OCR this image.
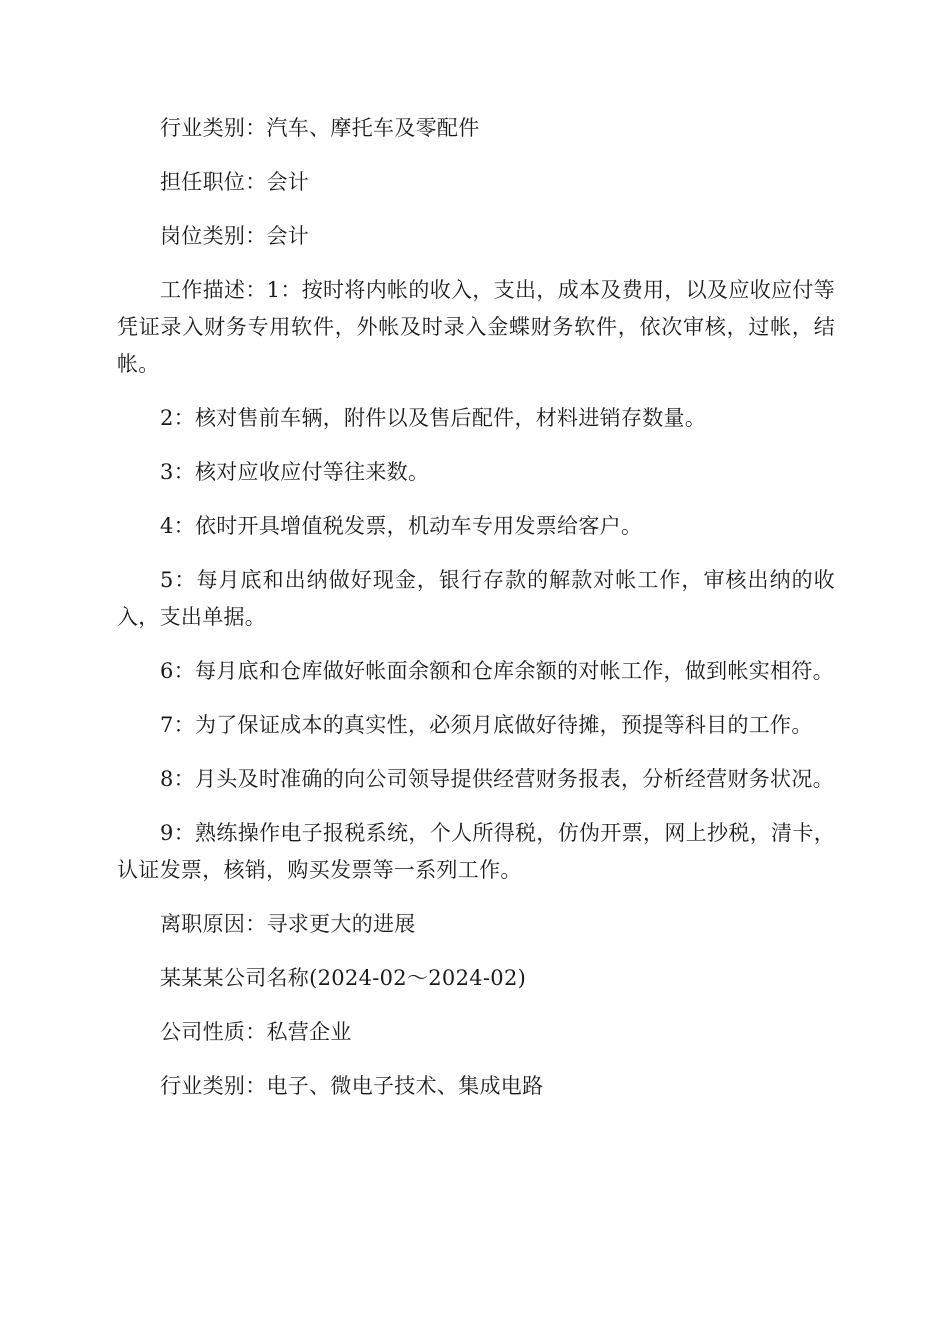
行业类别：汽车、摩托车及零配件

担任职位：会计

岗位类别：会计

工作描述：1：按时将内帐的收入，支出，成本及费用，以及应收应付等凭证录入财务专用软件，外帐及时录入金蝶财务软件，依次审核，过帐，结帐。

2：核对售前车辆，附件以及售后配件，材料进销存数量。

3：核对应收应付等往来数。

4：依时开具增值税发票，机动车专用发票给客户。

5：每月底和出纳做好现金，银行存款的解款对帐工作，审核出纳的收入，支出单据。

6：每月底和仓库做好帐面余额和仓库余额的对帐工作，做到帐实相符。

7：为了保证成本的真实性，必须月底做好待摊，预提等科目的工作。

8：月头及时准确的向公司领导提供经营财务报表，分析经营财务状况。

9：熟练操作电子报税系统，个人所得税，仿伪开票，网上抄税，清卡，认证发票，核销，购买发票等一系列工作。

离职原因：寻求更大的进展

某某某公司名称(2024-02～2024-02)

公司性质：私营企业

行业类别：电子、微电子技术、集成电路
